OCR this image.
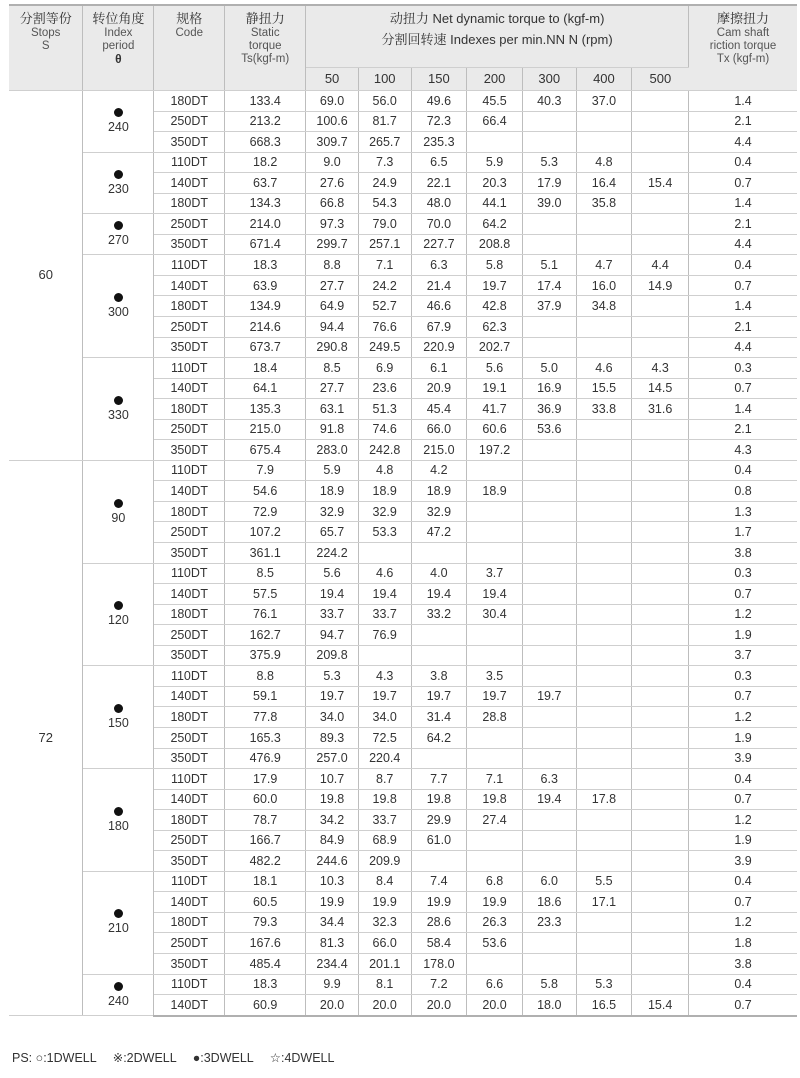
分割等份
Stops
S	转位角度
Index
period
θ	规格
Code	静扭力
Static
torque
Ts(kgf-m)	动扭力 Net dynamic torque to (kgf-m)
分割回转速 Indexes per min.NN N (rpm)							摩擦扭力
Cam shaft
riction torque
Tx (kgf-m)

				50	100	150	200	300	400	500	
60	240	180DT	133.4	69.0	56.0	49.6	45.5	40.3	37.0		1.4
		250DT	213.2	100.6	81.7	72.3	66.4				2.1
		350DT	668.3	309.7	265.7	235.3					4.4

	230	110DT	18.2	9.0	7.3	6.5	5.9	5.3	4.8		0.4
		140DT	63.7	27.6	24.9	22.1	20.3	17.9	16.4	15.4	0.7
		180DT	134.3	66.8	54.3	48.0	44.1	39.0	35.8		1.4

	270	250DT	214.0	97.3	79.0	70.0	64.2				2.1
		350DT	671.4	299.7	257.1	227.7	208.8				4.4

	300	110DT	18.3	8.8	7.1	6.3	5.8	5.1	4.7	4.4	0.4
		140DT	63.9	27.7	24.2	21.4	19.7	17.4	16.0	14.9	0.7
		180DT	134.9	64.9	52.7	46.6	42.8	37.9	34.8		1.4
		250DT	214.6	94.4	76.6	67.9	62.3				2.1
		350DT	673.7	290.8	249.5	220.9	202.7				4.4

	330	110DT	18.4	8.5	6.9	6.1	5.6	5.0	4.6	4.3	0.3
		140DT	64.1	27.7	23.6	20.9	19.1	16.9	15.5	14.5	0.7
		180DT	135.3	63.1	51.3	45.4	41.7	36.9	33.8	31.6	1.4
		250DT	215.0	91.8	74.6	66.0	60.6	53.6			2.1
		350DT	675.4	283.0	242.8	215.0	197.2				4.3
72	90	110DT	7.9	5.9	4.8	4.2					0.4
		140DT	54.6	18.9	18.9	18.9	18.9				0.8
		180DT	72.9	32.9	32.9	32.9					1.3
		250DT	107.2	65.7	53.3	47.2					1.7
		350DT	361.1	224.2							3.8

	120	110DT	8.5	5.6	4.6	4.0	3.7				0.3
		140DT	57.5	19.4	19.4	19.4	19.4				0.7
		180DT	76.1	33.7	33.7	33.2	30.4				1.2
		250DT	162.7	94.7	76.9						1.9
		350DT	375.9	209.8							3.7

	150	110DT	8.8	5.3	4.3	3.8	3.5				0.3
		140DT	59.1	19.7	19.7	19.7	19.7	19.7			0.7
		180DT	77.8	34.0	34.0	31.4	28.8				1.2
		250DT	165.3	89.3	72.5	64.2					1.9
		350DT	476.9	257.0	220.4						3.9

	180	110DT	17.9	10.7	8.7	7.7	7.1	6.3			0.4
		140DT	60.0	19.8	19.8	19.8	19.8	19.4	17.8		0.7
		180DT	78.7	34.2	33.7	29.9	27.4				1.2
		250DT	166.7	84.9	68.9	61.0					1.9
		350DT	482.2	244.6	209.9						3.9

	210	110DT	18.1	10.3	8.4	7.4	6.8	6.0	5.5		0.4
		140DT	60.5	19.9	19.9	19.9	19.9	18.6	17.1		0.7
		180DT	79.3	34.4	32.3	28.6	26.3	23.3			1.2
		250DT	167.6	81.3	66.0	58.4	53.6				1.8
		350DT	485.4	234.4	201.1	178.0					3.8

	240	110DT	18.3	9.9	8.1	7.2	6.6	5.8	5.3		0.4
		140DT	60.9	20.0	20.0	20.0	20.0	18.0	16.5	15.4	0.7
PS: ○:1DWELL ※:2DWELL ●:3DWELL ☆:4DWELL
